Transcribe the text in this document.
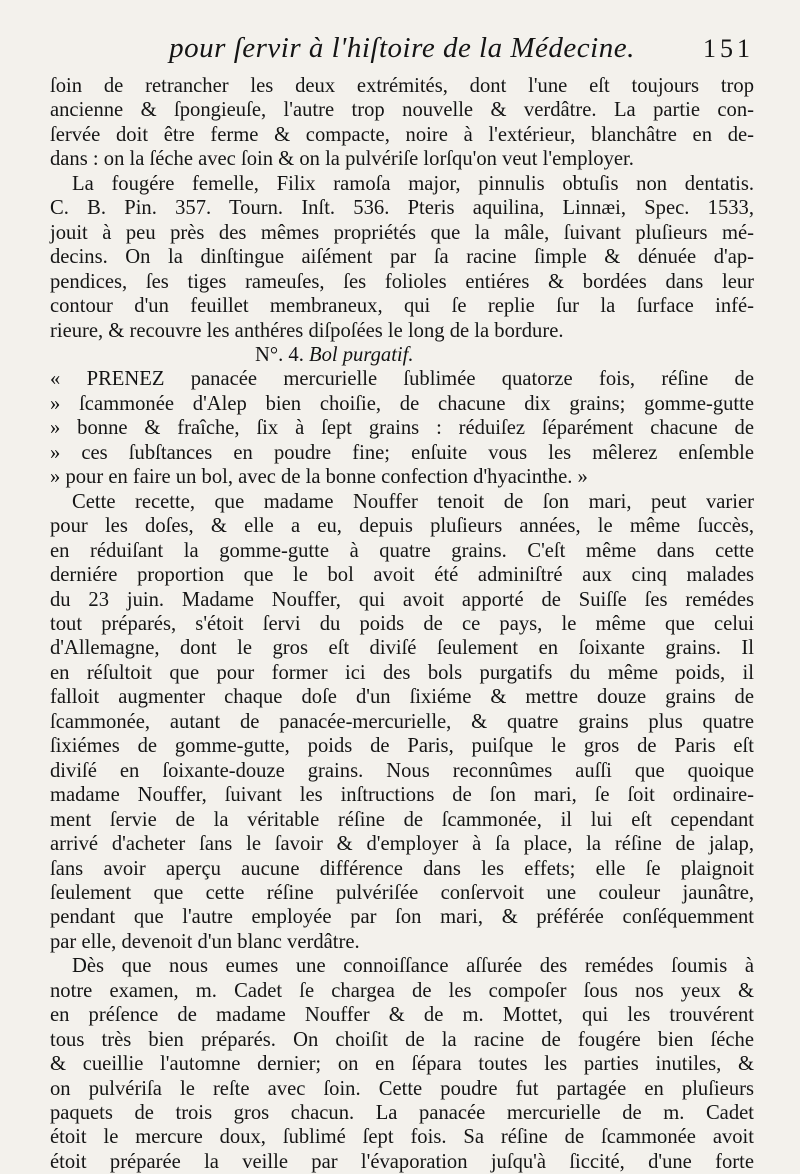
pour ſervir à l'hiſtoire de la Médecine.	151
ſoin de retrancher les deux extrémités, dont l'une eſt toujours trop
ancienne & ſpongieuſe, l'autre trop nouvelle & verdâtre. La partie con-
ſervée doit être ferme & compacte, noire à l'extérieur, blanchâtre en de-
dans : on la ſéche avec ſoin & on la pulvériſe lorſqu'on veut l'employer.
La fougére femelle, Filix ramoſa major, pinnulis obtuſis non dentatis.
C. B. Pin. 357. Tourn. Inſt. 536. Pteris aquilina, Linnæi, Spec. 1533,
jouit à peu près des mêmes propriétés que la mâle, ſuivant pluſieurs mé-
decins. On la dinſtingue aiſément par ſa racine ſimple & dénuée d'ap-
pendices, ſes tiges rameuſes, ſes folioles entiéres & bordées dans leur
contour d'un feuillet membraneux, qui ſe replie ſur la ſurface infé-
rieure, & recouvre les anthéres diſpoſées le long de la bordure.
N°. 4. Bol purgatif.
« PRENEZ panacée mercurielle ſublimée quatorze fois, réſine de
» ſcammonée d'Alep bien choiſie, de chacune dix grains; gomme-gutte
» bonne & fraîche, ſix à ſept grains : réduiſez ſéparément chacune de
» ces ſubſtances en poudre fine; enſuite vous les mêlerez enſemble
» pour en faire un bol, avec de la bonne confection d'hyacinthe. »
Cette recette, que madame Nouffer tenoit de ſon mari, peut varier
pour les doſes, & elle a eu, depuis pluſieurs années, le même ſuccès,
en réduiſant la gomme-gutte à quatre grains. C'eſt même dans cette
derniére proportion que le bol avoit été adminiſtré aux cinq malades
du 23 juin. Madame Nouffer, qui avoit apporté de Suiſſe ſes remédes
tout préparés, s'étoit ſervi du poids de ce pays, le même que celui
d'Allemagne, dont le gros eſt diviſé ſeulement en ſoixante grains. Il
en réſultoit que pour former ici des bols purgatifs du même poids, il
falloit augmenter chaque doſe d'un ſixiéme & mettre douze grains de
ſcammonée, autant de panacée-mercurielle, & quatre grains plus quatre
ſixiémes de gomme-gutte, poids de Paris, puiſque le gros de Paris eſt
diviſé en ſoixante-douze grains. Nous reconnûmes auſſi que quoique
madame Nouffer, ſuivant les inſtructions de ſon mari, ſe ſoit ordinaire-
ment ſervie de la véritable réſine de ſcammonée, il lui eſt cependant
arrivé d'acheter ſans le ſavoir & d'employer à ſa place, la réſine de jalap,
ſans avoir aperçu aucune différence dans les effets; elle ſe plaignoit
ſeulement que cette réſine pulvériſée conſervoit une couleur jaunâtre,
pendant que l'autre employée par ſon mari, & préférée conſéquemment
par elle, devenoit d'un blanc verdâtre.
Dès que nous eumes une connoiſſance aſſurée des remédes ſoumis à
notre examen, m. Cadet ſe chargea de les compoſer ſous nos yeux &
en préſence de madame Nouffer & de m. Mottet, qui les trouvérent
tous très bien préparés. On choiſit de la racine de fougére bien ſéche
& cueillie l'automne dernier; on en ſépara toutes les parties inutiles, &
on pulvériſa le reſte avec ſoin. Cette poudre fut partagée en pluſieurs
paquets de trois gros chacun. La panacée mercurielle de m. Cadet
étoit le mercure doux, ſublimé ſept fois. Sa réſine de ſcammonée avoit
étoit préparée la veille par l'évaporation juſqu'à ſiccité, d'une forte
